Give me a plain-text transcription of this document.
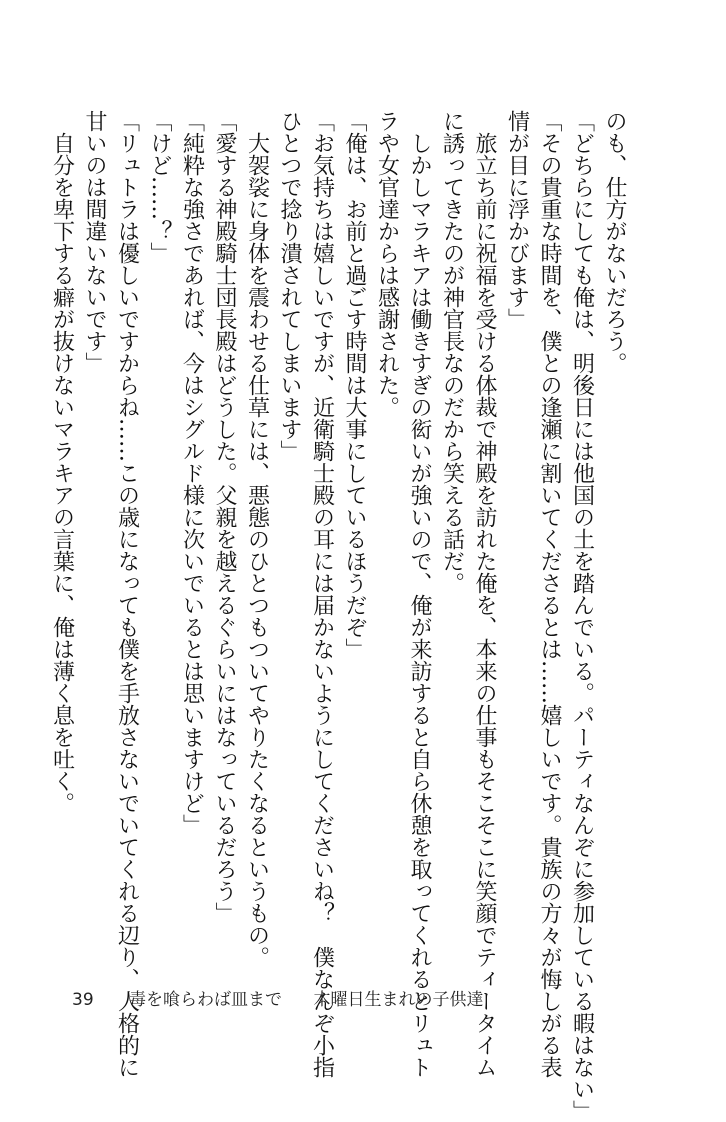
のも、仕方がないだろう。

「どちらにしても俺は、明後日には他国の土を踏んでいる。パーティなんぞに参加している暇はない」

「その貴重な時間を、僕との逢瀬に割いてくださるとは……嬉しいです。貴族の方々が悔しがる表

情が目に浮かびます」

　旅立ち前に祝福を受ける体裁で神殿を訪れた俺を、本来の仕事もそこそこに笑顔でティータイム

に誘ってきたのが神官長なのだから笑える話だ。

　しかしマラキアは働きすぎの衒いが強いので、俺が来訪すると自ら休憩を取ってくれるとリュト

ラや女官達からは感謝された。

「俺は、お前と過ごす時間は大事にしているほうだぞ」

「お気持ちは嬉しいですが、近衛騎士殿の耳には届かないようにしてくださいね？　僕なんぞ小指

ひとつで捻り潰されてしまいます」

　大袈裟に身体を震わせる仕草には、悪態のひとつもついてやりたくなるというもの。

「愛する神殿騎士団長殿はどうした。父親を越えるぐらいにはなっているだろう」

「純粋な強さであれば、今はシグルド様に次いでいるとは思いますけど」

「けど……？」

「リュトラは優しいですからね……この歳になっても僕を手放さないでいてくれる辺り、人格的に

甘いのは間違いないです」

　自分を卑下する癖が抜けないマラキアの言葉に、俺は薄く息を吐く。

39 毒を喰らわば皿まで 木曜日生まれの子供達
